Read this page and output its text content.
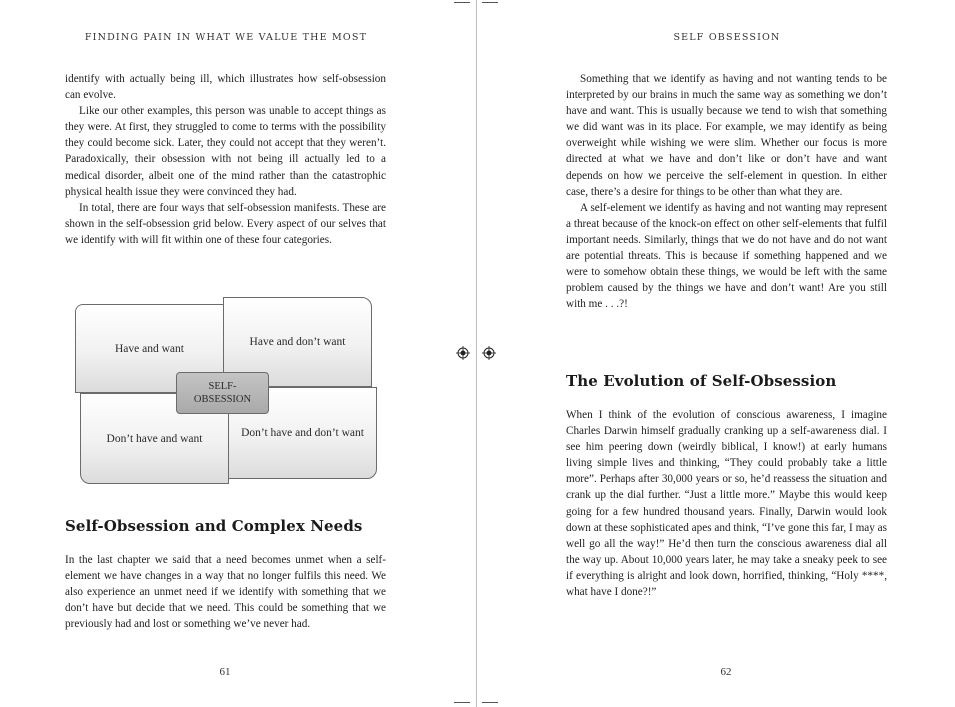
FINDING PAIN IN WHAT WE VALUE THE MOST

identify with actually being ill, which illustrates how self-obsession can evolve.

Like our other examples, this person was unable to accept things as they were. At first, they struggled to come to terms with the possibility they could become sick. Later, they could not accept that they weren’t. Paradoxically, their obsession with not being ill actually led to a medical disorder, albeit one of the mind rather than the catastrophic physical health issue they were convinced they had.

In total, there are four ways that self-obsession manifests. These are shown in the self-obsession grid below. Every aspect of our selves that we identify with will fit within one of these four categories.

Have and want
Have and don’t want
Don’t have and want	Don’t have and don’t want
SELF-
OBSESSION
Self-Obsession and Complex Needs

In the last chapter we said that a need becomes unmet when a self-element we have changes in a way that no longer fulfils this need. We also experience an unmet need if we identify with something that we don’t have but decide that we need. This could be something that we previously had and lost or something we’ve never had.

61
SELF OBSESSION

Something that we identify as having and not wanting tends to be interpreted by our brains in much the same way as something we don’t have and want. This is usually because we tend to wish that something we did want was in its place. For example, we may identify as being overweight while wishing we were slim. Whether our focus is more directed at what we have and don’t like or don’t have and want depends on how we perceive the self-element in question. In either case, there’s a desire for things to be other than what they are.

A self-element we identify as having and not wanting may represent a threat because of the knock-on effect on other self-elements that fulfil important needs. Similarly, things that we do not have and do not want are potential threats. This is because if something happened and we were to somehow obtain these things, we would be left with the same problem caused by the things we have and don’t want! Are you still with me . . .?!

The Evolution of Self-Obsession

When I think of the evolution of conscious awareness, I imagine Charles Darwin himself gradually cranking up a self-awareness dial. I see him peering down (weirdly biblical, I know!) at early humans living simple lives and thinking, “They could probably take a little more”. Perhaps after 30,000 years or so, he’d reassess the situation and crank up the dial further. “Just a little more.” Maybe this would keep going for a few hundred thousand years. Finally, Darwin would look down at these sophisticated apes and think, “I’ve gone this far, I may as well go all the way!” He’d then turn the conscious awareness dial all the way up. About 10,000 years later, he may take a sneaky peek to see if everything is alright and look down, horrified, thinking, “Holy ****, what have I done?!”

62
